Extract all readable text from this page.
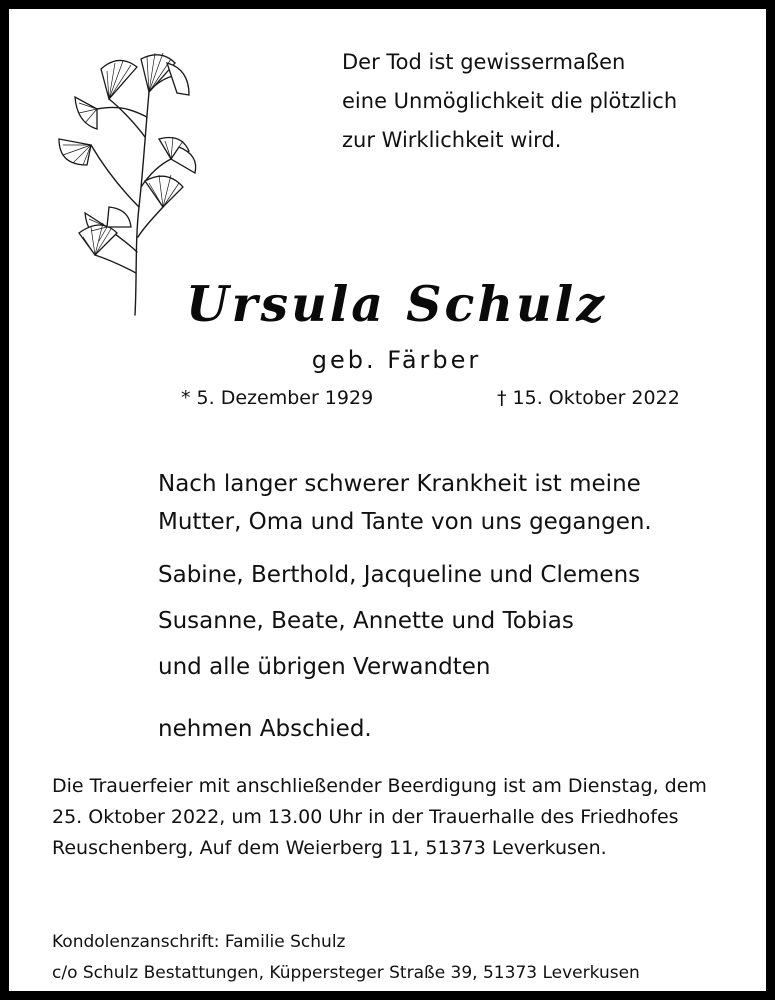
Der Tod ist gewissermaßen
eine Unmöglichkeit die plötzlich
zur Wirklichkeit wird.
Ursula Schulz
geb. Färber
* 5. Dezember 1929	† 15. Oktober 2022
Nach langer schwerer Krankheit ist meine
Mutter, Oma und Tante von uns gegangen.
Sabine, Berthold, Jacqueline und Clemens
Susanne, Beate, Annette und Tobias
und alle übrigen Verwandten
nehmen Abschied.
Die Trauerfeier mit anschließender Beerdigung ist am Dienstag, dem
25. Oktober 2022, um 13.00 Uhr in der Trauerhalle des Friedhofes
Reuschenberg, Auf dem Weierberg 11, 51373 Leverkusen.
Kondolenzanschrift: Familie Schulz
c/o Schulz Bestattungen, Küppersteger Straße 39, 51373 Leverkusen
